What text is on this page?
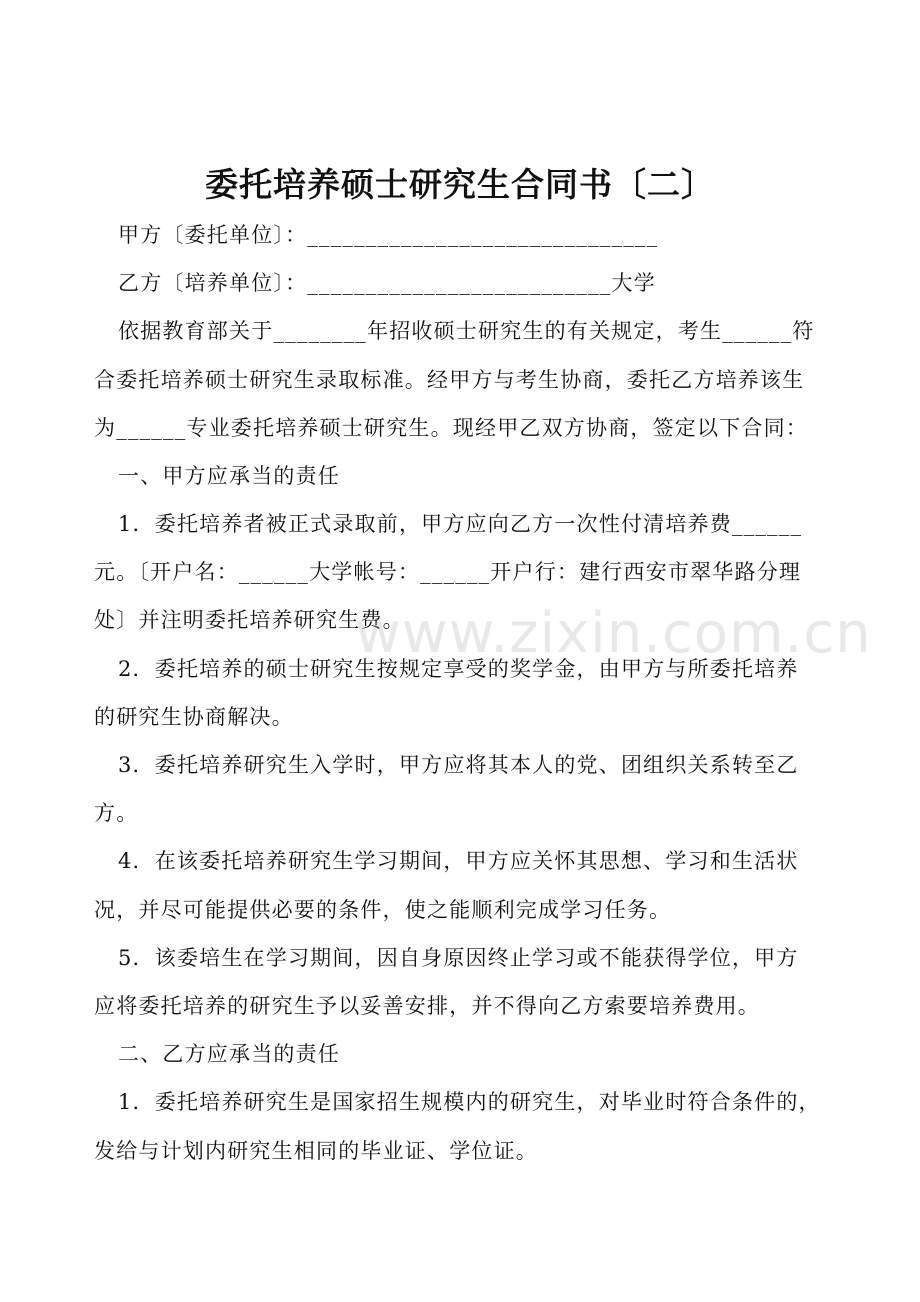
委托培养硕士研究生合同书〔二〕
甲方〔委托单位〕：______________________________
乙方〔培养单位〕：__________________________大学
依据教育部关于________年招收硕士研究生的有关规定，考生______符
合委托培养硕士研究生录取标准。经甲方与考生协商，委托乙方培养该生
为______专业委托培养硕士研究生。现经甲乙双方协商，签定以下合同：
一、甲方应承当的责任
1．委托培养者被正式录取前，甲方应向乙方一次性付清培养费______
元。〔开户名：______大学帐号：______开户行：建行西安市翠华路分理
处〕并注明委托培养研究生费。
2．委托培养的硕士研究生按规定享受的奖学金，由甲方与所委托培养
的研究生协商解决。
3．委托培养研究生入学时，甲方应将其本人的党、团组织关系转至乙
方。
4．在该委托培养研究生学习期间，甲方应关怀其思想、学习和生活状
况，并尽可能提供必要的条件，使之能顺利完成学习任务。
5．该委培生在学习期间，因自身原因终止学习或不能获得学位，甲方
应将委托培养的研究生予以妥善安排，并不得向乙方索要培养费用。
二、乙方应承当的责任
1．委托培养研究生是国家招生规模内的研究生，对毕业时符合条件的，
发给与计划内研究生相同的毕业证、学位证。
www.zixin.com.cn
